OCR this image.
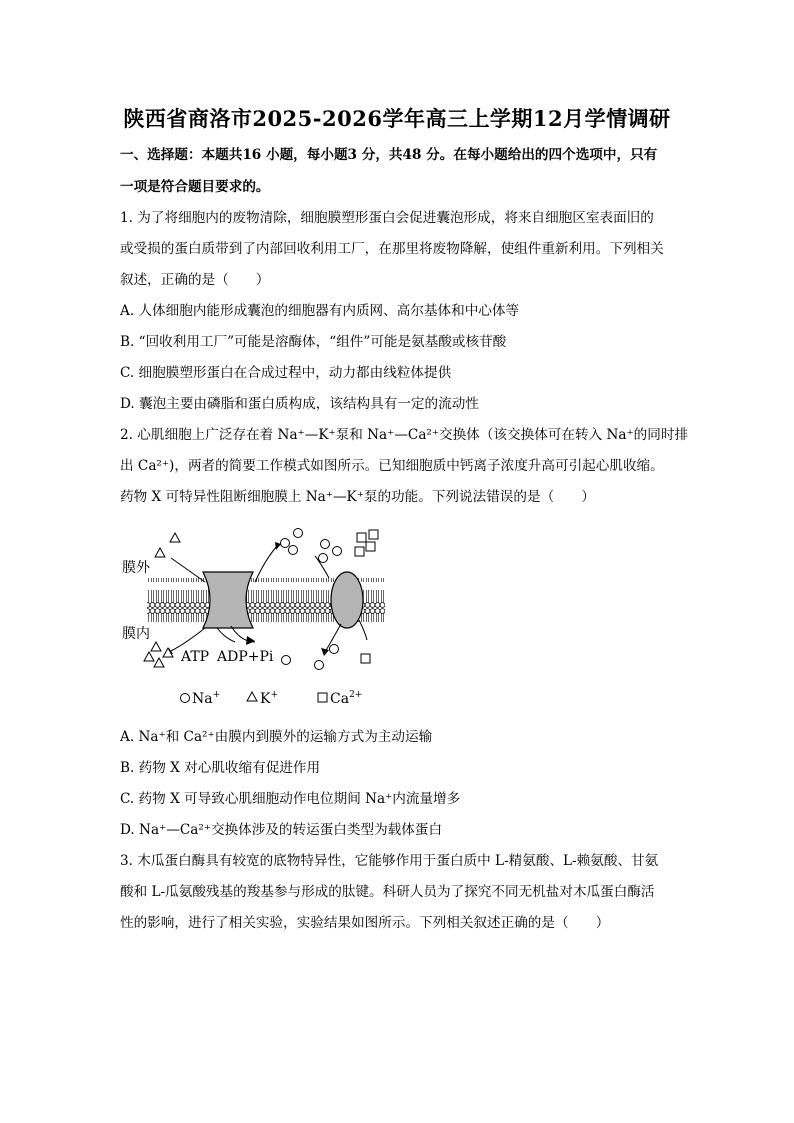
陕西省商洛市2025-2026学年高三上学期12月学情调研
一、选择题：本题共16 小题，每小题3 分，共48 分。在每小题给出的四个选项中，只有
一项是符合题目要求的。
1. 为了将细胞内的废物清除，细胞膜塑形蛋白会促进囊泡形成，将来自细胞区室表面旧的
或受损的蛋白质带到了内部回收利用工厂，在那里将废物降解，使组件重新利用。下列相关
叙述，正确的是（　　）
A. 人体细胞内能形成囊泡的细胞器有内质网、高尔基体和中心体等
B. “回收利用工厂”可能是溶酶体，“组件”可能是氨基酸或核苷酸
C. 细胞膜塑形蛋白在合成过程中，动力都由线粒体提供
D. 囊泡主要由磷脂和蛋白质构成，该结构具有一定的流动性
2. 心肌细胞上广泛存在着 Na⁺—K⁺泵和 Na⁺—Ca²⁺交换体（该交换体可在转入 Na⁺的同时排
出 Ca²⁺)，两者的简要工作模式如图所示。已知细胞质中钙离子浓度升高可引起心肌收缩。
药物 X 可特异性阻断细胞膜上 Na⁺—K⁺泵的功能。下列说法错误的是（　　）
膜外
膜内
ATP ADP+Pi
Na+	K+	$Ca^{2+}$
A. Na⁺和 Ca²⁺由膜内到膜外的运输方式为主动运输
B. 药物 X 对心肌收缩有促进作用
C. 药物 X 可导致心肌细胞动作电位期间 Na⁺内流量增多
D. Na⁺—Ca²⁺交换体涉及的转运蛋白类型为载体蛋白
3. 木瓜蛋白酶具有较宽的底物特异性，它能够作用于蛋白质中 L-精氨酸、L-赖氨酸、甘氨
酸和 L-瓜氨酸残基的羧基参与形成的肽键。科研人员为了探究不同无机盐对木瓜蛋白酶活
性的影响，进行了相关实验，实验结果如图所示。下列相关叙述正确的是（　　）
